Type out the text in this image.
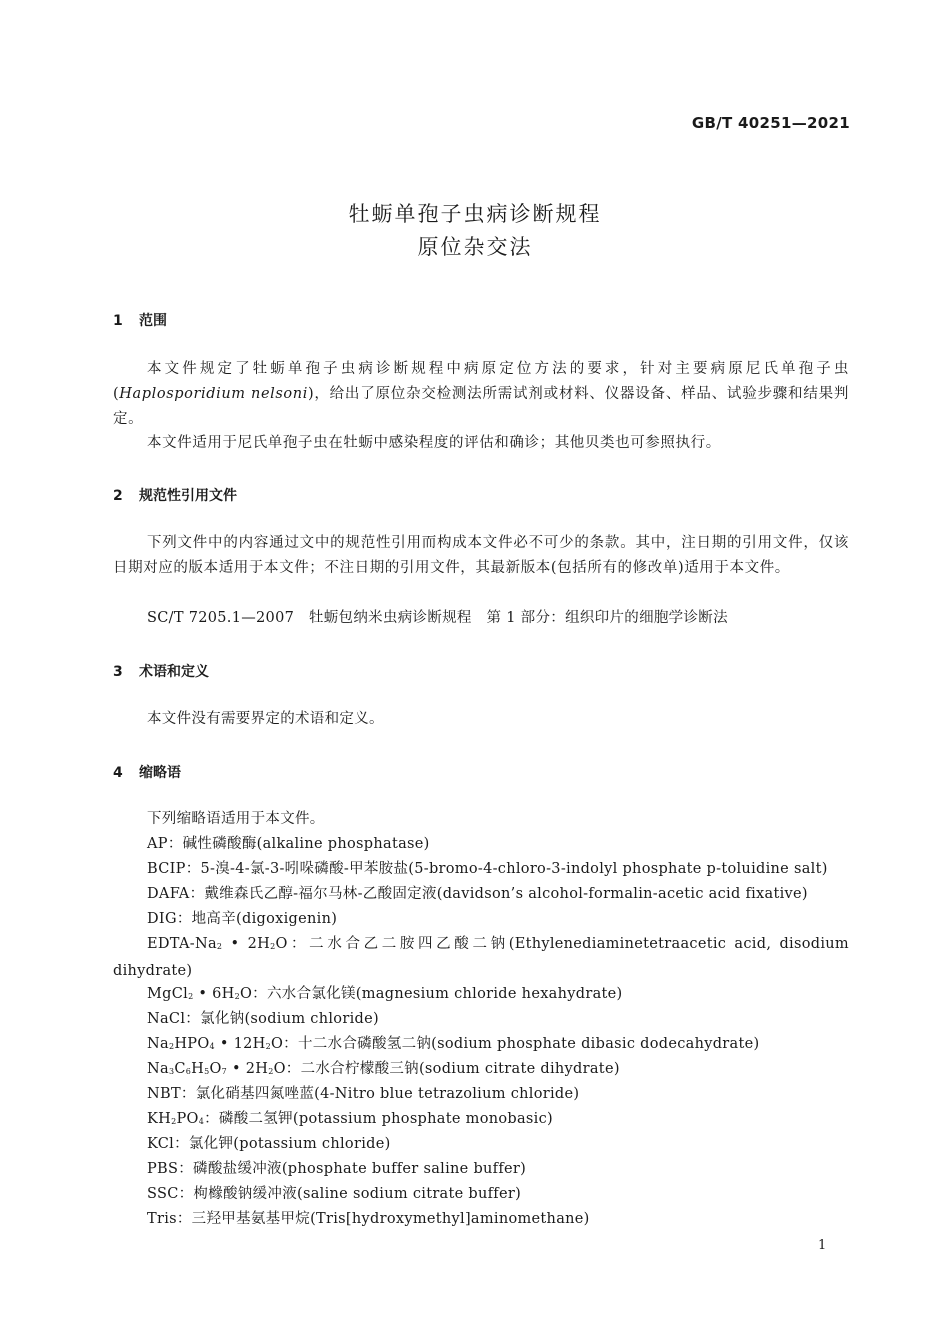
GB/T 40251—2021
牡蛎单孢子虫病诊断规程
原位杂交法
1 范围
本文件规定了牡蛎单孢子虫病诊断规程中病原定位方法的要求，针对主要病原尼氏单孢子虫(Haplosporidium nelsoni)，给出了原位杂交检测法所需试剂或材料、仪器设备、样品、试验步骤和结果判定。
本文件适用于尼氏单孢子虫在牡蛎中感染程度的评估和确诊；其他贝类也可参照执行。
2 规范性引用文件
下列文件中的内容通过文中的规范性引用而构成本文件必不可少的条款。其中，注日期的引用文件，仅该日期对应的版本适用于本文件；不注日期的引用文件，其最新版本(包括所有的修改单)适用于本文件。
SC/T 7205.1—2007　牡蛎包纳米虫病诊断规程　第 1 部分：组织印片的细胞学诊断法
3 术语和定义
本文件没有需要界定的术语和定义。
4 缩略语
下列缩略语适用于本文件。
AP：碱性磷酸酶(alkaline phosphatase)
BCIP：5-溴-4-氯-3-吲哚磷酸-甲苯胺盐(5-bromo-4-chloro-3-indolyl phosphate p-toluidine salt)
DAFA：戴维森氏乙醇-福尔马林-乙酸固定液(davidson’s alcohol-formalin-acetic acid fixative)
DIG：地高辛(digoxigenin)
EDTA-$Na_2$ • $2H_2O$：二水合乙二胺四乙酸二钠(Ethylenediaminetetraacetic acid, disodium dihydrate)
MgCl$_2$ • $6H_2O$：六水合氯化镁(magnesium chloride hexahydrate)
NaCl：氯化钠(sodium chloride)
$Na_2HPO_4$ • $12H_2O$：十二水合磷酸氢二钠(sodium phosphate dibasic dodecahydrate)
$Na_3C_6H_5O_7$ • $2H_2O$：二水合柠檬酸三钠(sodium citrate dihydrate)
NBT：氯化硝基四氮唑蓝(4-Nitro blue tetrazolium chloride)
$KH_2PO_4$：磷酸二氢钾(potassium phosphate monobasic)
KCl：氯化钾(potassium chloride)
PBS：磷酸盐缓冲液(phosphate buffer saline buffer)
SSC：枸橼酸钠缓冲液(saline sodium citrate buffer)
Tris：三羟甲基氨基甲烷(Tris[hydroxymethyl]aminomethane)
1
